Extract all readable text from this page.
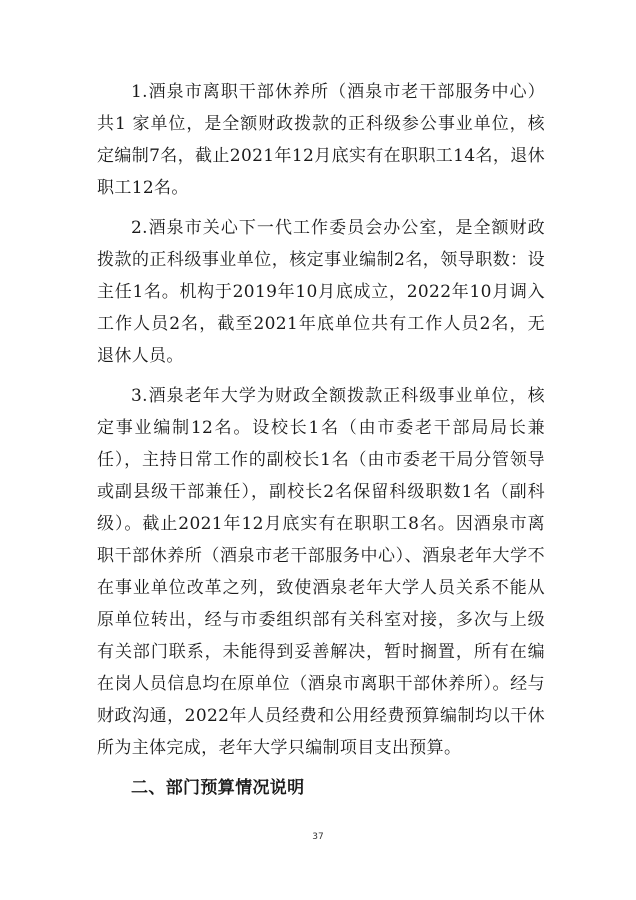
1.酒泉市离职干部休养所（酒泉市老干部服务中心）共1 家单位，是全额财政拨款的正科级参公事业单位，核定编制7名，截止2021年12月底实有在职职工14名，退休职工12名。

2.酒泉市关心下一代工作委员会办公室，是全额财政拨款的正科级事业单位，核定事业编制2名，领导职数：设主任1名。机构于2019年10月底成立，2022年10月调入工作人员2名，截至2021年底单位共有工作人员2名，无退休人员。

3.酒泉老年大学为财政全额拨款正科级事业单位，核定事业编制12名。设校长1名（由市委老干部局局长兼任），主持日常工作的副校长1名（由市委老干局分管领导或副县级干部兼任），副校长2名保留科级职数1名（副科级）。截止2021年12月底实有在职职工8名。因酒泉市离职干部休养所（酒泉市老干部服务中心）、酒泉老年大学不在事业单位改革之列，致使酒泉老年大学人员关系不能从原单位转出，经与市委组织部有关科室对接，多次与上级有关部门联系，未能得到妥善解决，暂时搁置，所有在编在岗人员信息均在原单位（酒泉市离职干部休养所）。经与财政沟通，2022年人员经费和公用经费预算编制均以干休所为主体完成，老年大学只编制项目支出预算。

二、部门预算情况说明

37
